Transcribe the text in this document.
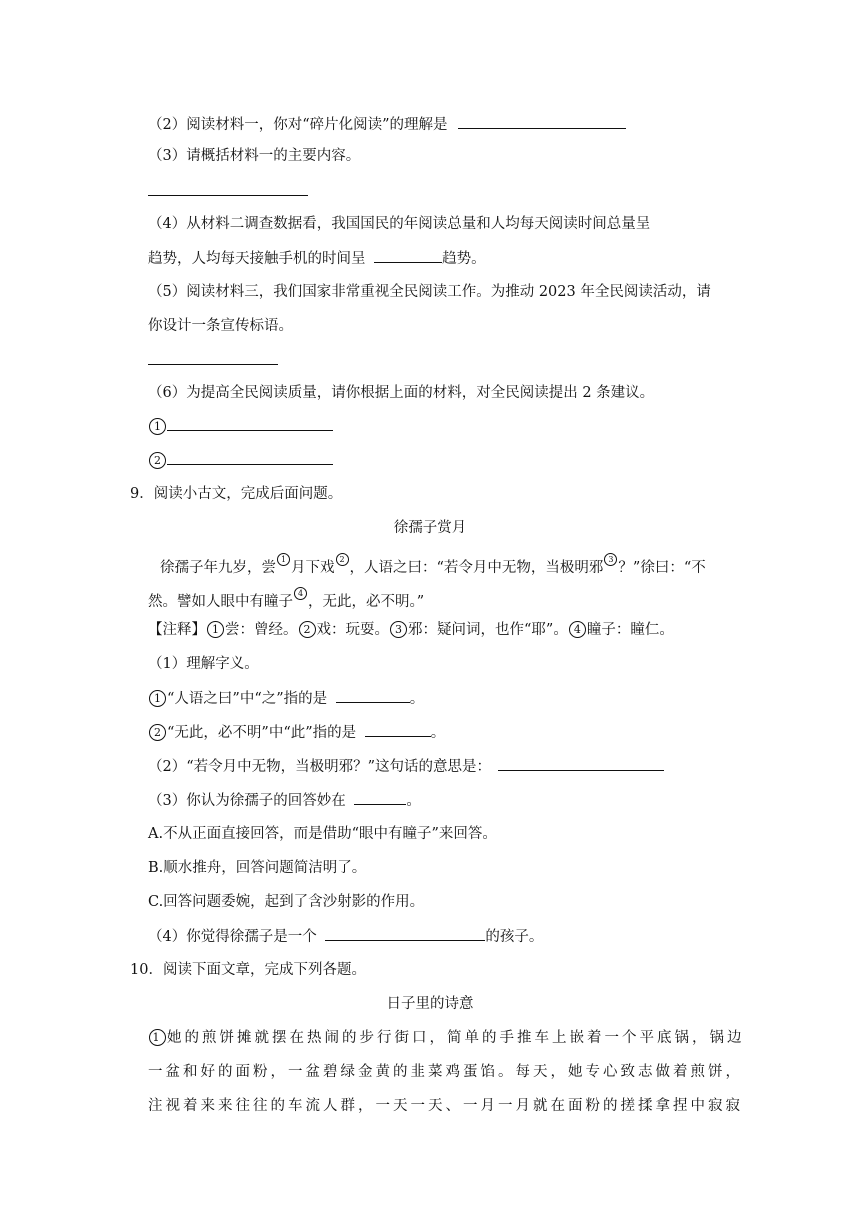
（2）阅读材料一，你对“碎片化阅读”的理解是
（3）请概括材料一的主要内容。
（4）从材料二调查数据看，我国国民的年阅读总量和人均每天阅读时间总量呈
趋势，人均每天接触手机的时间呈	趋势。
（5）阅读材料三，我们国家非常重视全民阅读工作。为推动 2023 年全民阅读活动，请
你设计一条宣传标语。
（6）为提高全民阅读质量，请你根据上面的材料，对全民阅读提出 2 条建议。
1
2
9．阅读小古文，完成后面问题。
徐孺子赏月
徐孺子年九岁，尝$^1$月下戏$^2$，人语之曰：“若令月中无物，当极明邪$^3$？”徐曰：“不
然。譬如人眼中有瞳子$^4$，无此，必不明。”
【注释】 1 尝：曾经。 2 戏：玩耍。 3 邪：疑问词，也作“耶”。 4 瞳子：瞳仁。
（1）理解字义。
1 “人语之曰”中“之”指的是	。
2 “无此，必不明”中“此”指的是	。
（2）“若令月中无物，当极明邪？”这句话的意思是：
（3）你认为徐孺子的回答妙在	。
A.不从正面直接回答，而是借助“眼中有瞳子”来回答。
B.顺水推舟，回答问题简洁明了。
C.回答问题委婉，起到了含沙射影的作用。
（4）你觉得徐孺子是一个	的孩子。
10．阅读下面文章，完成下列各题。
日子里的诗意
1 她的煎饼摊就摆在热闹的步行街口，简单的手推车上嵌着一个平底锅，锅边
一盆和好的面粉，一盆碧绿金黄的韭菜鸡蛋馅。每天，她专心致志做着煎饼，
注视着来来往往的车流人群，一天一天、一月一月就在面粉的搓揉拿捏中寂寂
